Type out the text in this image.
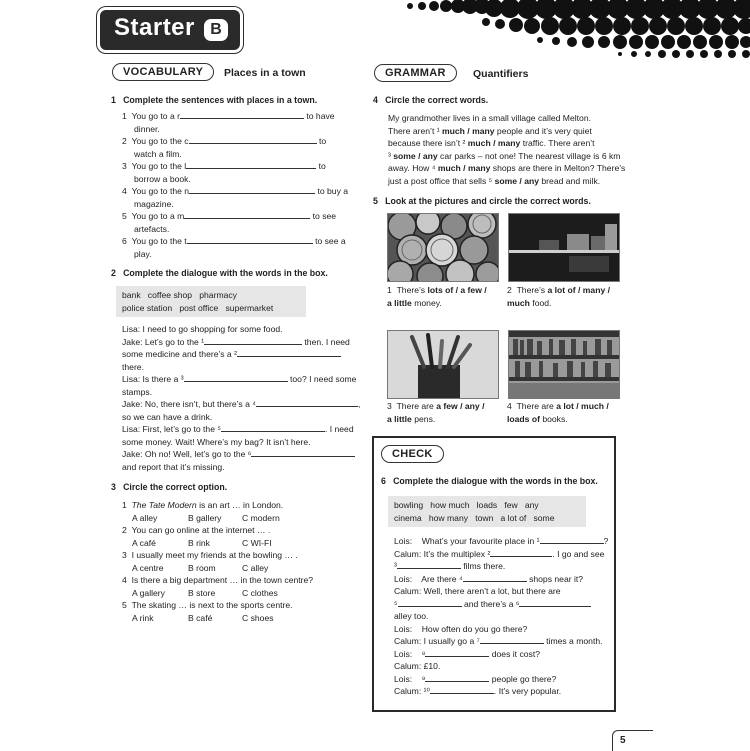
Starter B
VOCABULARY	Places in a town
1 Complete the sentences with places in a town.
1 You go to a r	to have
dinner.
2 You go to the c	to
watch a film.
3 You go to the l	to
borrow a book.
4 You go to the n	to buy a
magazine.
5 You go to a m	to see
artefacts.
6 You go to the t	to see a
play.
2 Complete the dialogue with the words in the box.
bank   coffee shop   pharmacy
police station   post office   supermarket
Lisa: I need to go shopping for some food.
Jake: Let’s go to the ¹	then. I need
some medicine and there’s a ²
there.
Lisa: Is there a ³	too? I need some
stamps.
Jake: No, there isn’t, but there’s a ⁴	,
so we can have a drink.
Lisa: First, let’s go to the ⁵	. I need
some money. Wait! Where’s my bag? It isn’t here.
Jake: Oh no! Well, let’s go to the ⁶
and report that it’s missing.
3 Circle the correct option.
1 The Tate Modern is an art … in London.
A alley	B gallery C modern
2 You can go online at the internet … .
A café	B rink	C WI-FI
3 I usually meet my friends at the bowling … .
A centre	B room	C alley
4 Is there a big department … in the town centre?
A gallery	B store	C clothes
5 The skating … is next to the sports centre.
A rink	B café	C shoes
GRAMMAR	Quantifiers
4 Circle the correct words.
My grandmother lives in a small village called Melton.
There aren’t ¹ much / many people and it’s very quiet
because there isn’t ² much / many traffic. There aren’t
³ some / any car parks – not one! The nearest village is 6 km
away. How ⁴ much / many shops are there in Melton? There’s
just a post office that sells ⁵ some / any bread and milk.
5 Look at the pictures and circle the correct words.
1 There’s lots of / a few /
a little money.
2 There’s a lot of / many /
much food.
3 There are a few / any /
a little pens.
4 There are a lot / much /
loads of books.
CHECK
6 Complete the dialogue with the words in the box.
bowling   how much   loads   few   any
cinema   how many   town   a lot of   some
Lois:    What’s your favourite place in ¹	?
Calum: It’s the multiplex ²	. I go and see
³	films there.
Lois:    Are there ⁴	shops near it?
Calum: Well, there aren’t a lot, but there are
⁵	and there’s a ⁶
alley too.
Lois:    How often do you go there?
Calum: I usually go a ⁷	times a month.
Lois:    ⁸	does it cost?
Calum: £10.
Lois:    ⁹	people go there?
Calum: ¹⁰	. It’s very popular.
5
